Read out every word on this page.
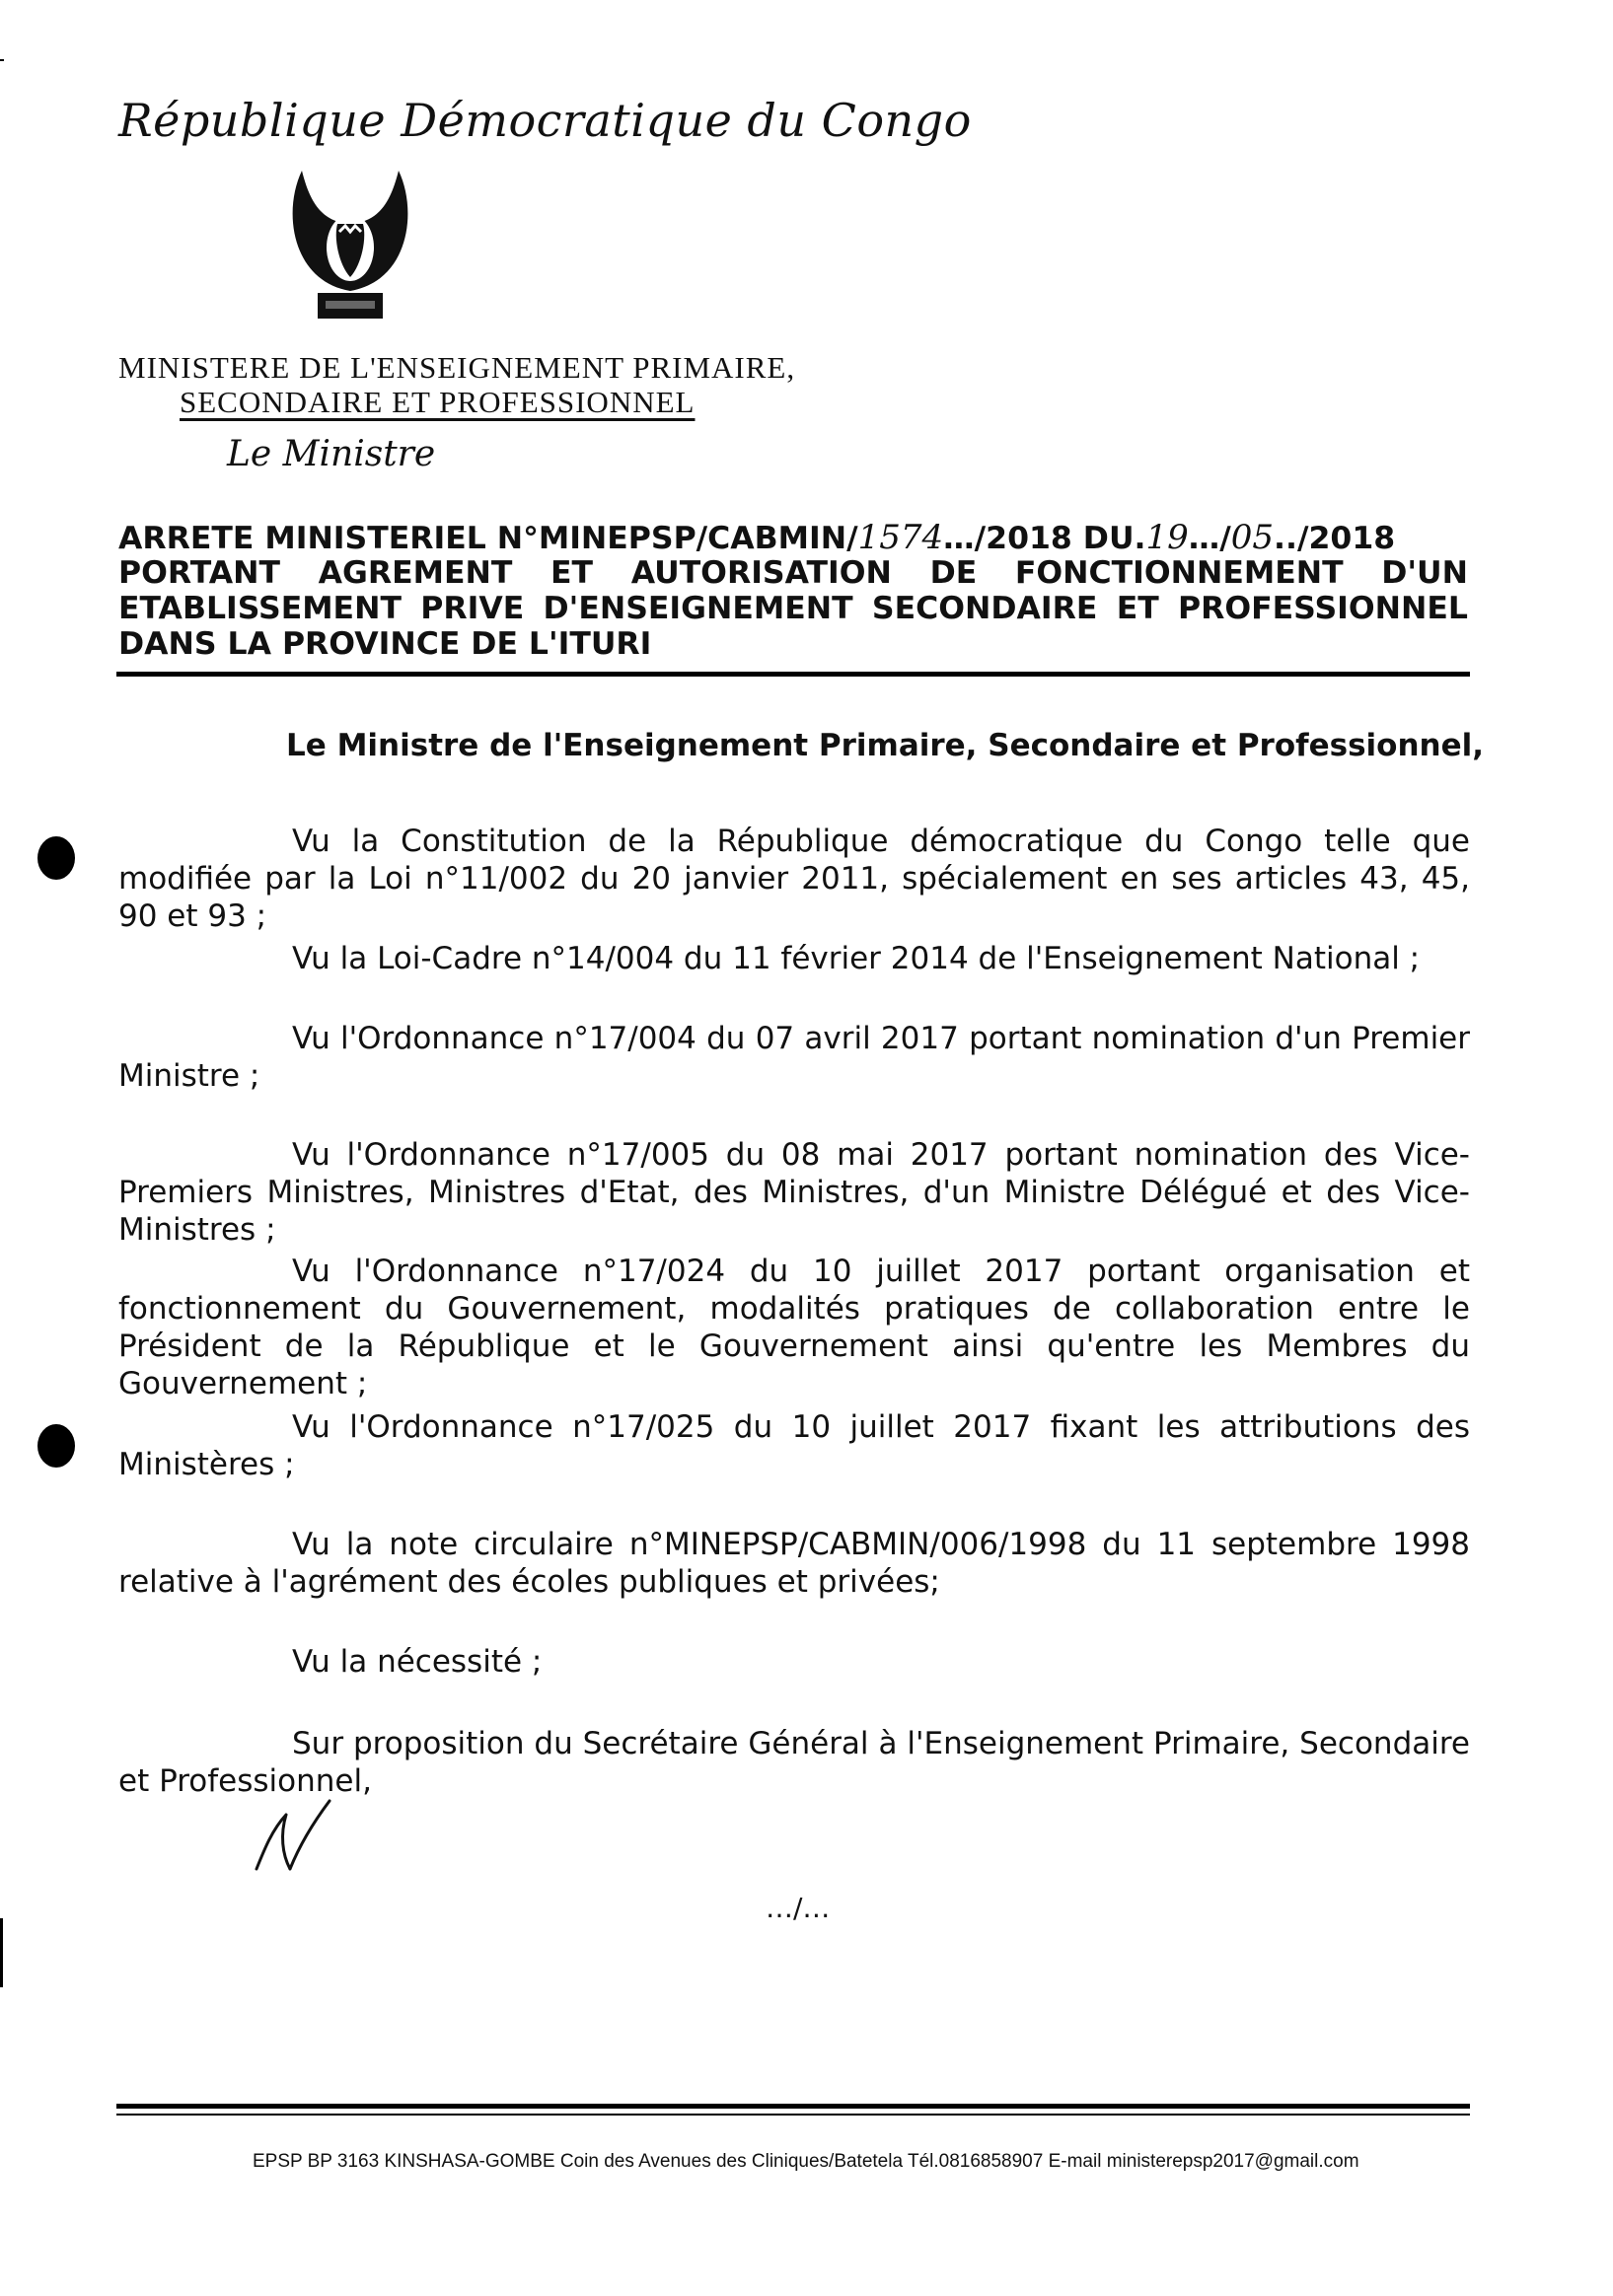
République Démocratique du Congo
MINISTERE DE L'ENSEIGNEMENT PRIMAIRE,
SECONDAIRE ET PROFESSIONNEL
Le Ministre
ARRETE MINISTERIEL N°MINEPSP/CABMIN/1574…/2018 DU.19…/05../2018
PORTANT AGREMENT ET AUTORISATION DE FONCTIONNEMENT D'UN
ETABLISSEMENT PRIVE D'ENSEIGNEMENT SECONDAIRE ET PROFESSIONNEL
DANS LA PROVINCE DE L'ITURI
Le Ministre de l'Enseignement Primaire, Secondaire et Professionnel,
Vu la Constitution de la République démocratique du Congo telle que modifiée par la Loi n°11/002 du 20 janvier 2011, spécialement en ses articles 43, 45, 90 et 93 ;
Vu la Loi-Cadre n°14/004 du 11 février 2014 de l'Enseignement National ;
Vu l'Ordonnance n°17/004 du 07 avril 2017 portant nomination d'un Premier Ministre ;
Vu l'Ordonnance n°17/005 du 08 mai 2017 portant nomination des Vice-Premiers Ministres, Ministres d'Etat, des Ministres, d'un Ministre Délégué et des Vice-Ministres ;
Vu l'Ordonnance n°17/024 du 10 juillet 2017 portant organisation et fonctionnement du Gouvernement, modalités pratiques de collaboration entre le Président de la République et le Gouvernement ainsi qu'entre les Membres du Gouvernement ;
Vu l'Ordonnance n°17/025 du 10 juillet 2017 fixant les attributions des Ministères ;
Vu la note circulaire n°MINEPSP/CABMIN/006/1998 du 11 septembre 1998 relative à l'agrément des écoles publiques et privées;
Vu la nécessité ;
Sur proposition du Secrétaire Général à l'Enseignement Primaire, Secondaire et Professionnel,
…/…
EPSP BP 3163 KINSHASA-GOMBE Coin des Avenues des Cliniques/Batetela Tél.0816858907 E-mail ministerepsp2017@gmail.com
